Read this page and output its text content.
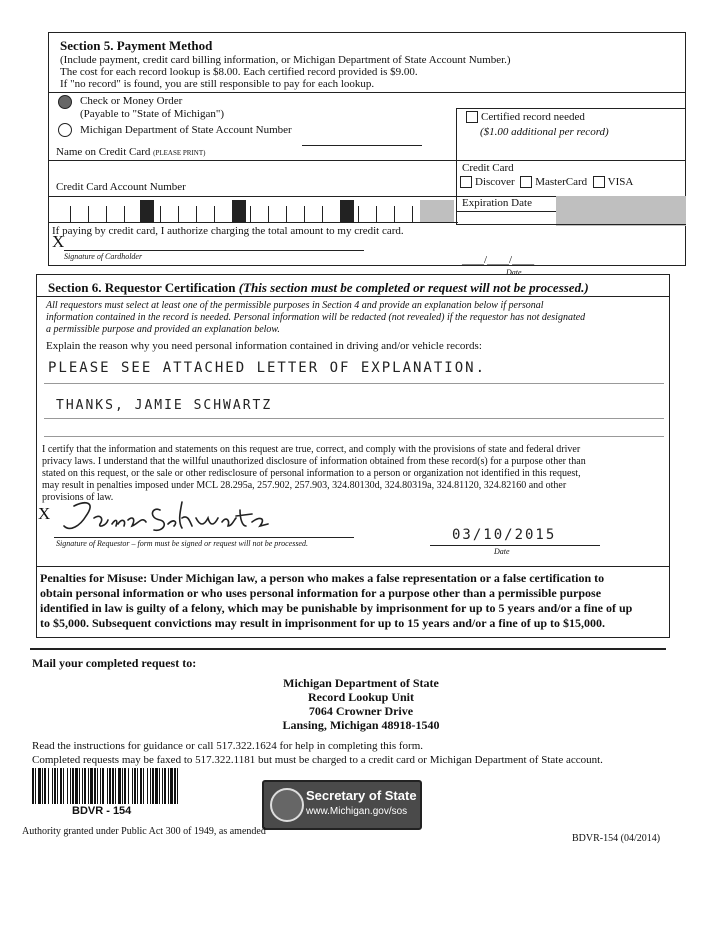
Section 5. Payment Method
(Include payment, credit card billing information, or Michigan Department of State Account Number.)
The cost for each record lookup is $8.00. Each certified record provided is $9.00.
If "no record" is found, you are still responsible to pay for each lookup.
Check or Money Order
(Payable to "State of Michigan")
Michigan Department of State Account Number
Certified record needed
($1.00 additional per record)
Name on Credit Card (PLEASE PRINT)
Credit Card
Discover MasterCard VISA
Credit Card Account Number
Expiration Date
If paying by credit card, I authorize charging the total amount to my credit card.
X
Signature of Cardholder	____/____/____
Date
Section 6. Requestor Certification (This section must be completed or request will not be processed.)
All requestors must select at least one of the permissible purposes in Section 4 and provide an explanation below if personal
information contained in the record is needed. Personal information will be redacted (not revealed) if the requestor has not designated
a permissible purpose and provided an explanation below.
Explain the reason why you need personal information contained in driving and/or vehicle records:
PLEASE SEE ATTACHED LETTER OF EXPLANATION.
THANKS, JAMIE SCHWARTZ
I certify that the information and statements on this request are true, correct, and comply with the provisions of state and federal driver
privacy laws. I understand that the willful unauthorized disclosure of information obtained from these record(s) for a purpose other than
stated on this request, or the sale or other redisclosure of personal information to a person or organization not identified in this request,
may result in penalties imposed under MCL 28.295a, 257.902, 257.903, 324.80130d, 324.80319a, 324.81120, 324.82160 and other
provisions of law.
X
Signature of Requestor – form must be signed or request will not be processed.
03/10/2015
Date
Penalties for Misuse: Under Michigan law, a person who makes a false representation or a false certification to
obtain personal information or who uses personal information for a purpose other than a permissible purpose
identified in law is guilty of a felony, which may be punishable by imprisonment for up to 5 years and/or a fine of up
to $5,000. Subsequent convictions may result in imprisonment for up to 15 years and/or a fine of up to $15,000.
Mail your completed request to:
Michigan Department of State
Record Lookup Unit
7064 Crowner Drive
Lansing, Michigan 48918-1540
Read the instructions for guidance or call 517.322.1624 for help in completing this form.
Completed requests may be faxed to 517.322.1181 but must be charged to a credit card or Michigan Department of State account.
BDVR - 154
Secretary of State
www.Michigan.gov/sos
Authority granted under Public Act 300 of 1949, as amended
BDVR-154 (04/2014)
